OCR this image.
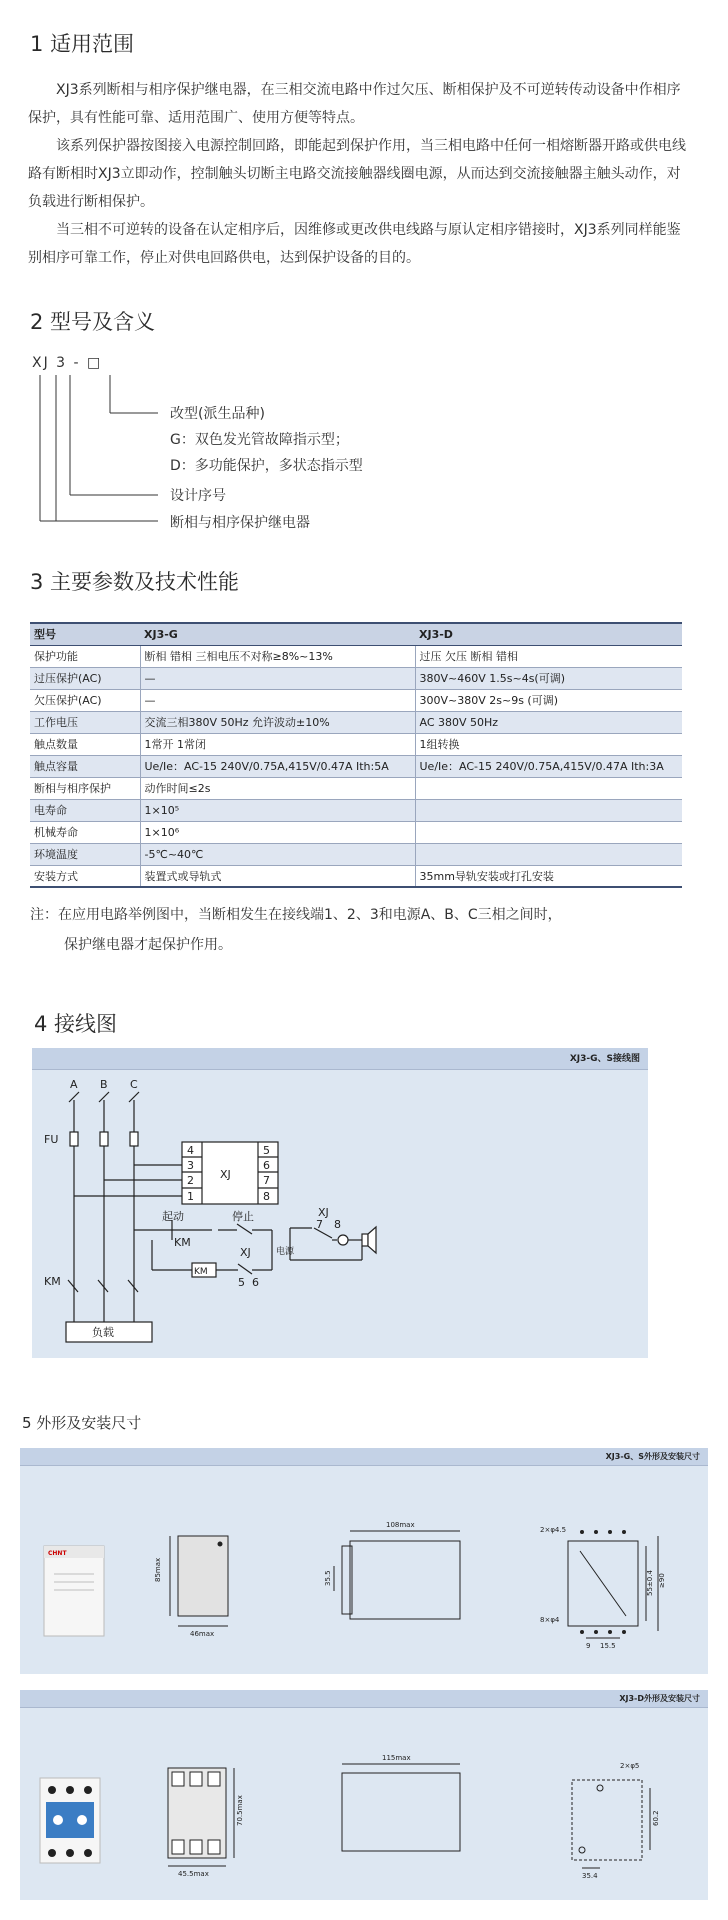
1 适用范围

XJ3系列断相与相序保护继电器，在三相交流电路中作过欠压、断相保护及不可逆转传动设备中作相序保护，具有性能可靠、适用范围广、使用方便等特点。

该系列保护器按图接入电源控制回路，即能起到保护作用，当三相电路中任何一相熔断器开路或供电线路有断相时XJ3立即动作，控制触头切断主电路交流接触器线圈电源，从而达到交流接触器主触头动作，对负载进行断相保护。

当三相不可逆转的设备在认定相序后，因维修或更改供电线路与原认定相序错接时，XJ3系列同样能鉴别相序可靠工作，停止对供电回路供电，达到保护设备的目的。

2 型号及含义
XJ 3 - □
改型(派生品种)
G：双色发光管故障指示型；
D：多功能保护，多状态指示型
设计序号
断相与相序保护继电器
3 主要参数及技术性能
型号	XJ3-G	XJ3-D
保护功能	断相 错相 三相电压不对称≥8%~13%	过压 欠压 断相 错相
过压保护(AC)	—	380V~460V 1.5s~4s(可调)
欠压保护(AC)	—	300V~380V 2s~9s (可调)
工作电压	交流三相380V 50Hz 允许波动±10%	AC 380V 50Hz
触点数量	1常开 1常闭	1组转换
触点容量	Ue/Ie：AC-15 240V/0.75A,415V/0.47A Ith:5A	Ue/Ie：AC-15 240V/0.75A,415V/0.47A Ith:3A
断相与相序保护	动作时间≤2s	
电寿命	1×10⁵	
机械寿命	1×10⁶	
环境温度	-5℃~40℃	
安装方式	装置式或导轨式	35mm导轨安装或打孔安装
注：在应用电路举例图中，当断相发生在接线端1、2、3和电源A、B、C三相之间时，
保护继电器才起保护作用。
4 接线图
XJ3-G、S接线图
A B C
FU
KM
XJ
4
3
2
1
5
6
7
8
起动	停止
KM
KM
XJ
5 6
XJ
7 8
电源
负载
5 外形及安装尺寸
XJ3-G、S外形及安装尺寸
CHNT
85max
46max
108max
35.5
2×φ4.5
8×φ4
55±0.4 ≥90
9 15.5
XJ3-D外形及安装尺寸
70.5max
45.5max
115max
2×φ5
60.2
35.4
